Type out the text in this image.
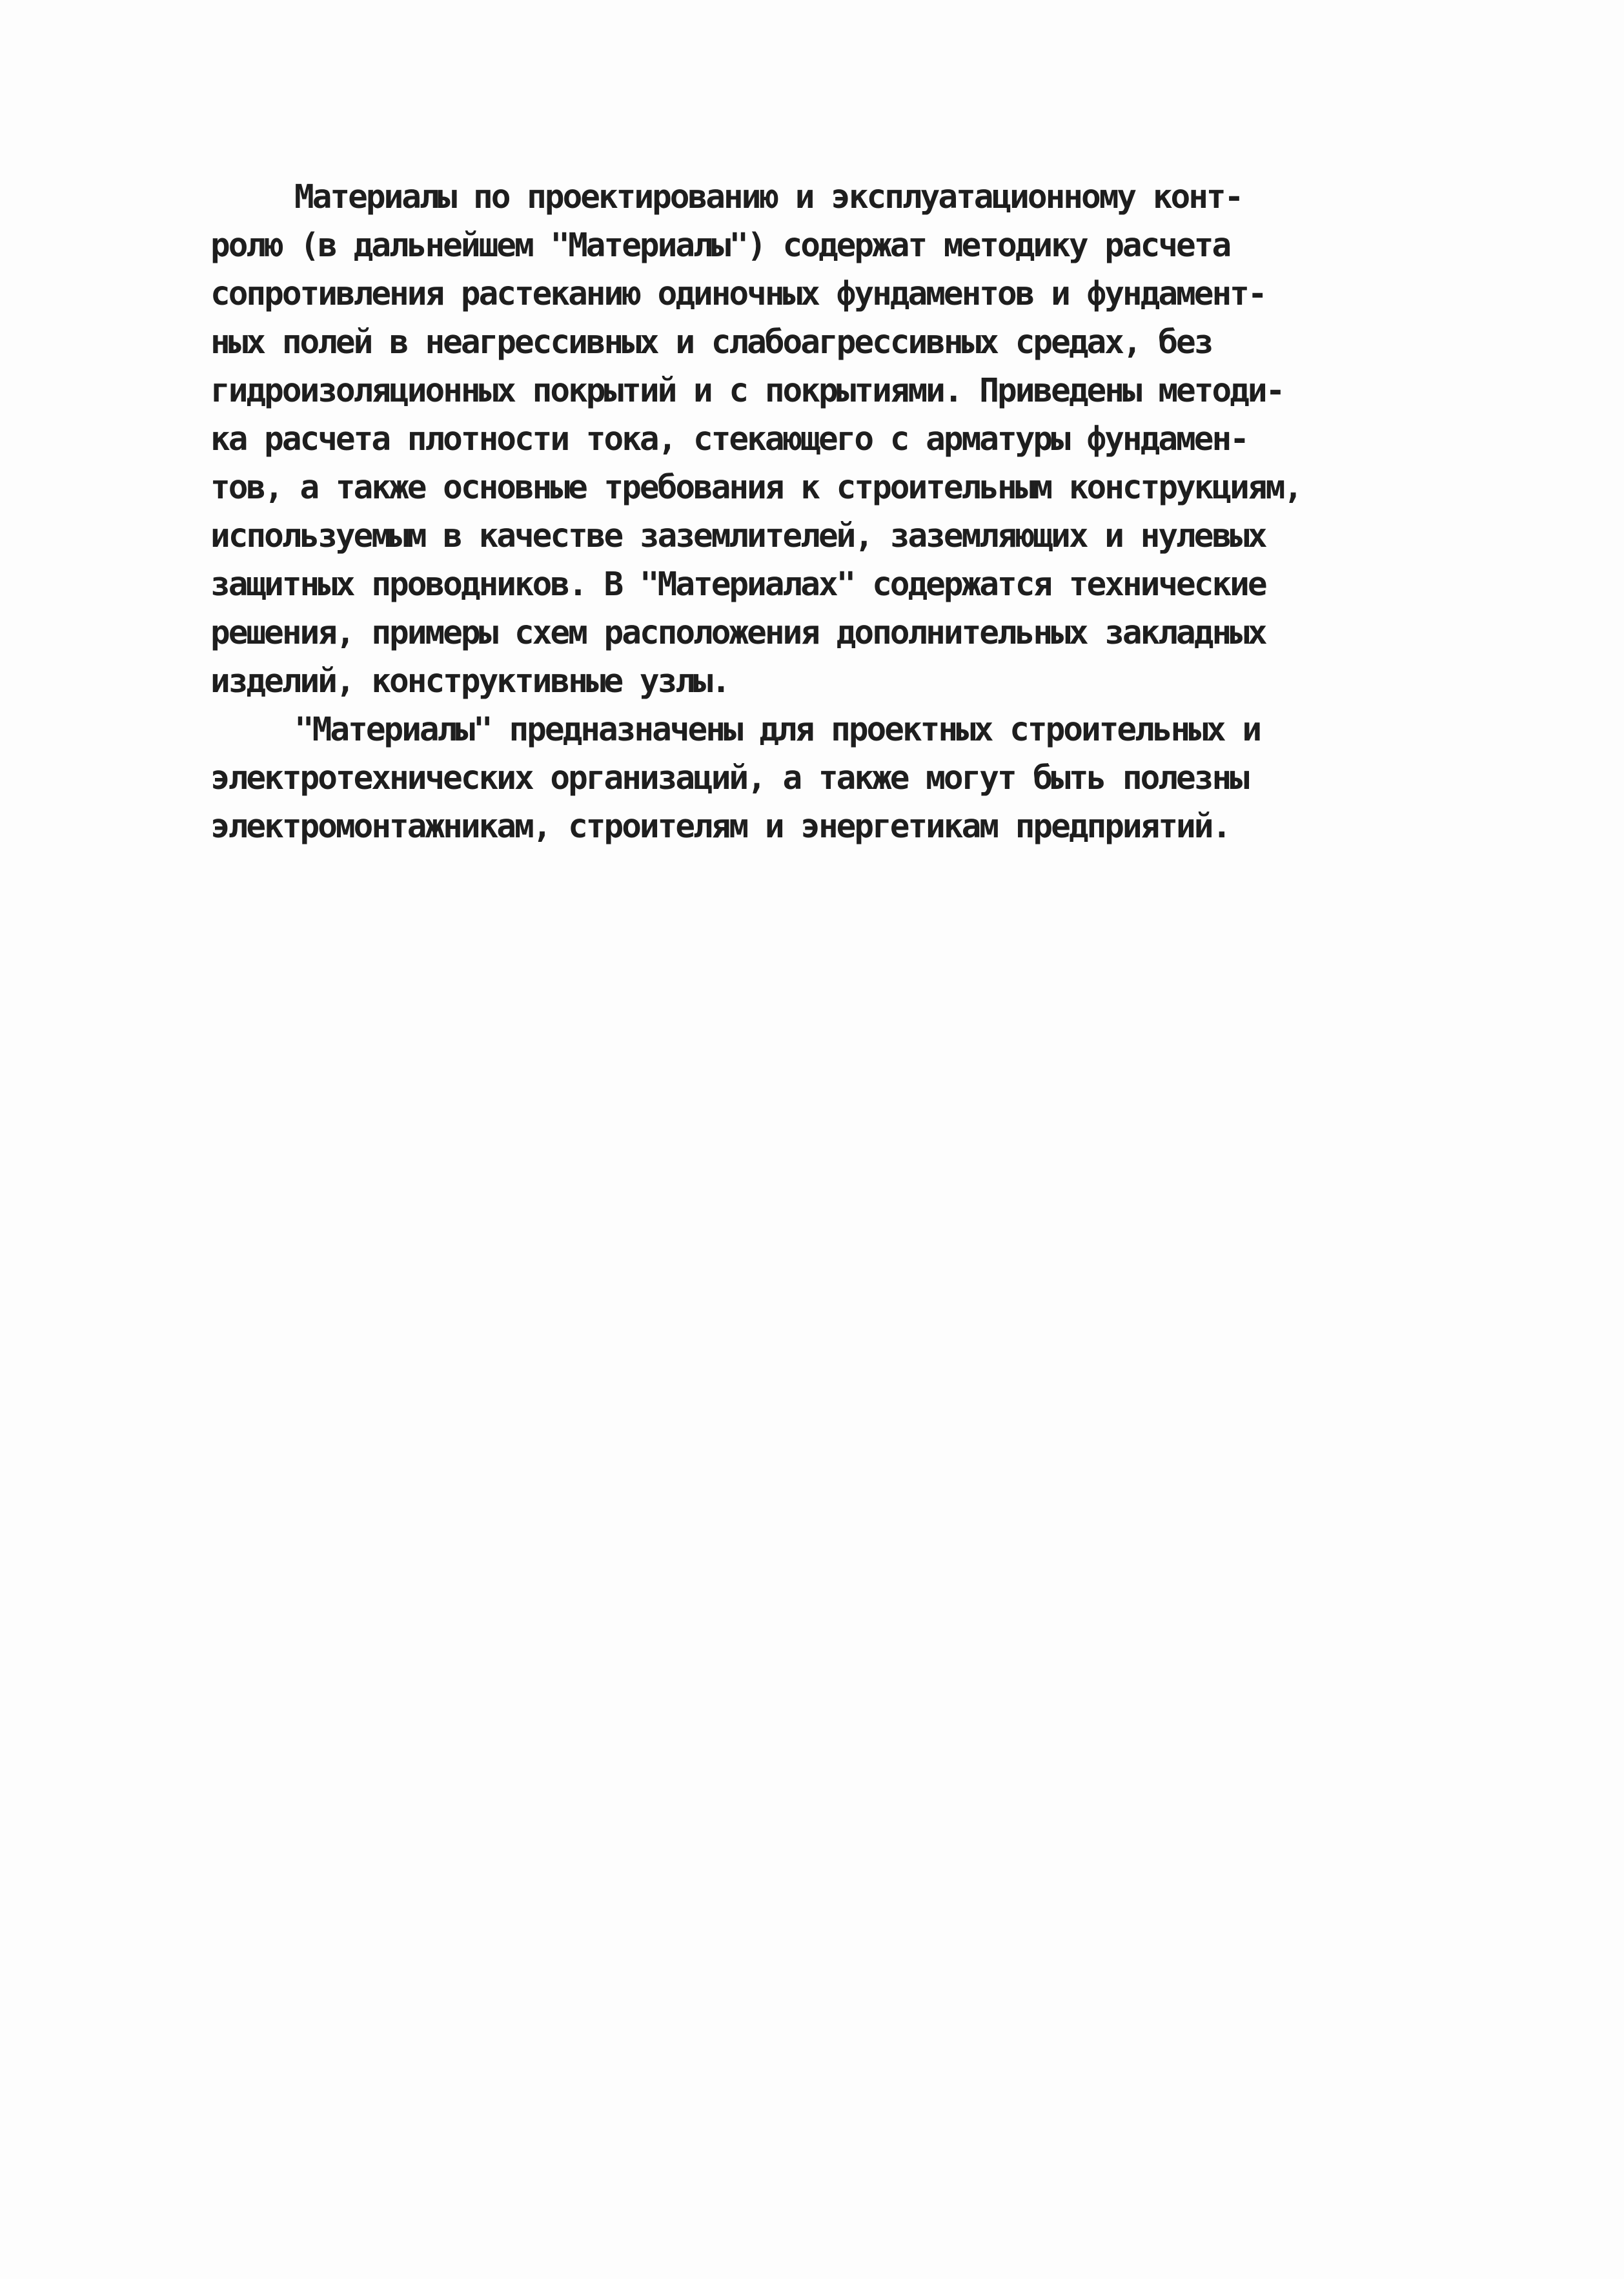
Материалы по проектированию и эксплуатационному конт-
ролю (в дальнейшем "Материалы") содержат методику расчета
сопротивления растеканию одиночных фундаментов и фундамент-
ных полей в неагрессивных и слабоагрессивных средах, без
гидроизоляционных покрытий и с покрытиями. Приведены методи-
ка расчета плотности тока, стекающего с арматуры фундамен-
тов, а также основные требования к строительным конструкциям,
используемым в качестве заземлителей, заземляющих и нулевых
защитных проводников. В "Материалах" содержатся технические
решения, примеры схем расположения дополнительных закладных
изделий, конструктивные узлы.
"Материалы" предназначены для проектных строительных и
электротехнических организаций, а также могут быть полезны
электромонтажникам, строителям и энергетикам предприятий.
